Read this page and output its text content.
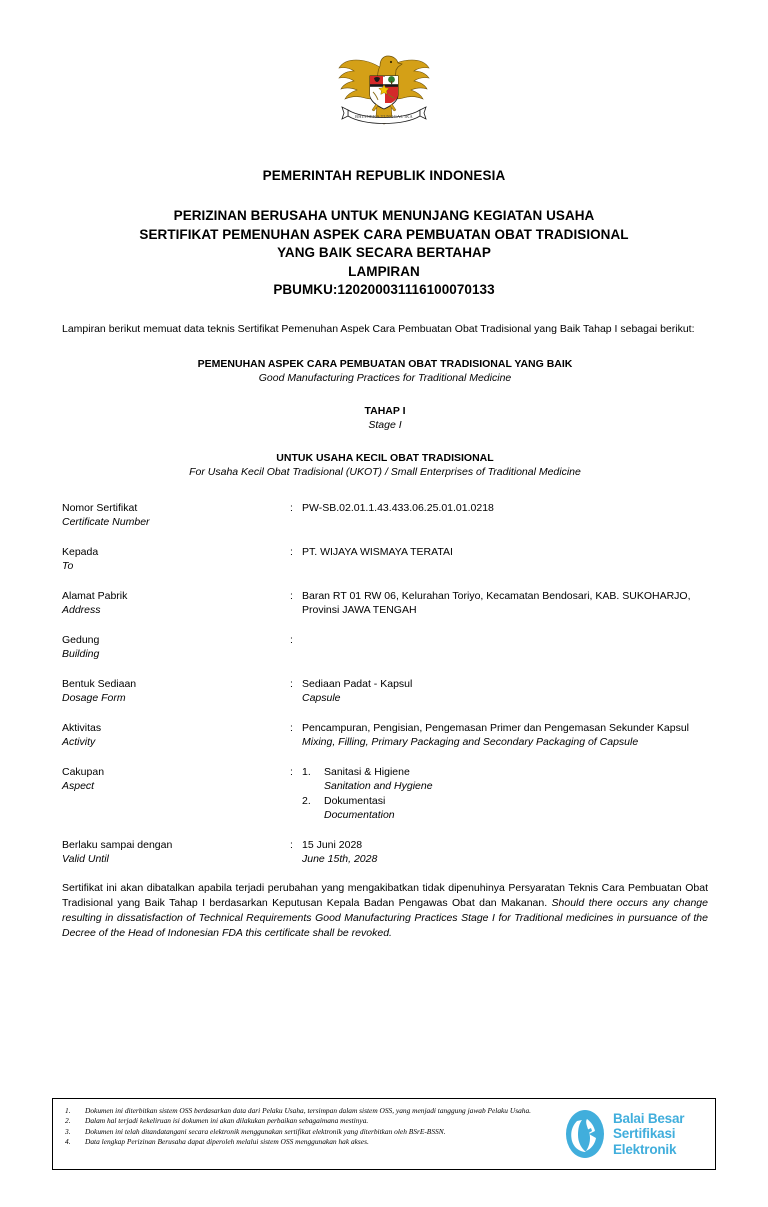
BHINNEKA TUNGGAL IKA
PEMERINTAH REPUBLIK INDONESIA
PERIZINAN BERUSAHA UNTUK MENUNJANG KEGIATAN USAHA
SERTIFIKAT PEMENUHAN ASPEK CARA PEMBUATAN OBAT TRADISIONAL
YANG BAIK SECARA BERTAHAP
LAMPIRAN
PBUMKU:120200031116100070133
Lampiran berikut memuat data teknis Sertifikat Pemenuhan Aspek Cara Pembuatan Obat Tradisional yang Baik Tahap I sebagai berikut:
PEMENUHAN ASPEK CARA PEMBUATAN OBAT TRADISIONAL YANG BAIK
Good Manufacturing Practices for Traditional Medicine
TAHAP I
Stage I
UNTUK USAHA KECIL OBAT TRADISIONAL
For Usaha Kecil Obat Tradisional (UKOT) / Small Enterprises of Traditional Medicine
Nomor Sertifikat
Certificate Number
: PW-SB.02.01.1.43.433.06.25.01.01.0218
Kepada
To
: PT. WIJAYA WISMAYA TERATAI
Alamat Pabrik
Address
: Baran RT 01 RW 06, Kelurahan Toriyo, Kecamatan Bendosari, KAB. SUKOHARJO, Provinsi JAWA TENGAH
Gedung
Building
:
Bentuk Sediaan
Dosage Form
: Sediaan Padat - Kapsul
Capsule
Aktivitas
Activity
: Pencampuran, Pengisian, Pengemasan Primer dan Pengemasan Sekunder Kapsul
Mixing, Filling, Primary Packaging and Secondary Packaging of Capsule
Cakupan
Aspect
: 1.	Sanitasi & Higiene
Sanitation and Hygiene
2.	Dokumentasi
Documentation
Berlaku sampai dengan
Valid Until
: 15 Juni 2028
June 15th, 2028
Sertifikat ini akan dibatalkan apabila terjadi perubahan yang mengakibatkan tidak dipenuhinya Persyaratan Teknis Cara Pembuatan Obat Tradisional yang Baik Tahap I berdasarkan Keputusan Kepala Badan Pengawas Obat dan Makanan. Should there occurs any change resulting in dissatisfaction of Technical Requirements Good Manufacturing Practices Stage I for Traditional medicines in pursuance of the Decree of the Head of Indonesian FDA this certificate shall be revoked.
1.	Dokumen ini diterbitkan sistem OSS berdasarkan data dari Pelaku Usaha, tersimpan dalam sistem OSS, yang menjadi tanggung jawab Pelaku Usaha.
2.	Dalam hal terjadi kekeliruan isi dokumen ini akan dilakukan perbaikan sebagaimana mestinya.
3.	Dokumen ini telah ditandatangani secara elektronik menggunakan sertifikat elektronik yang diterbitkan oleh BSrE-BSSN.
4.	Data lengkap Perizinan Berusaha dapat diperoleh melalui sistem OSS menggunakan hak akses.
Balai Besar
Sertifikasi
Elektronik
